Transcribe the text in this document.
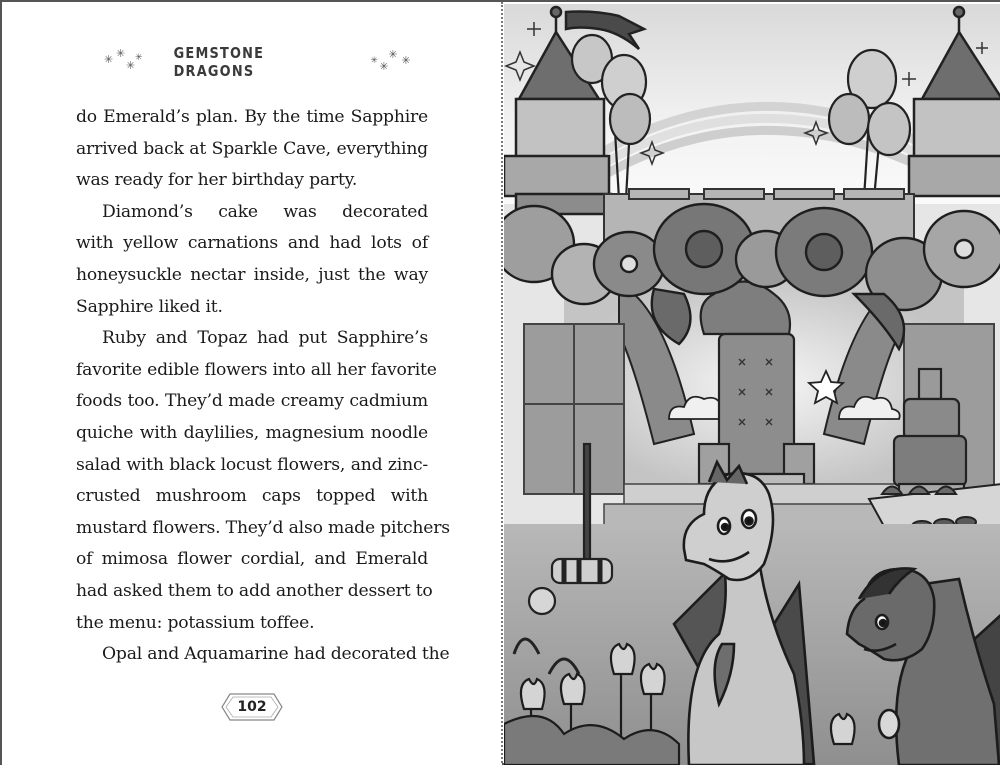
✳ ✳
✳
✳ GEMSTONE DRAGONS
✳ ✳
✳ ✳
do Emerald’s plan. By the time Sapphire
arrived back at Sparkle Cave, everything
was ready for her birthday party.
Diamond’s cake was decorated
with yellow carnations and had lots of
honeysuckle nectar inside, just the way
Sapphire liked it.
Ruby and Topaz had put Sapphire’s
favorite edible flowers into all her favorite
foods too. They’d made creamy cadmium
quiche with daylilies, magnesium noodle
salad with black locust flowers, and zinc-
crusted mushroom caps topped with
mustard flowers. They’d also made pitchers
of mimosa flower cordial, and Emerald
had asked them to add another dessert to
the menu: potassium toffee.
Opal and Aquamarine had decorated the
102
